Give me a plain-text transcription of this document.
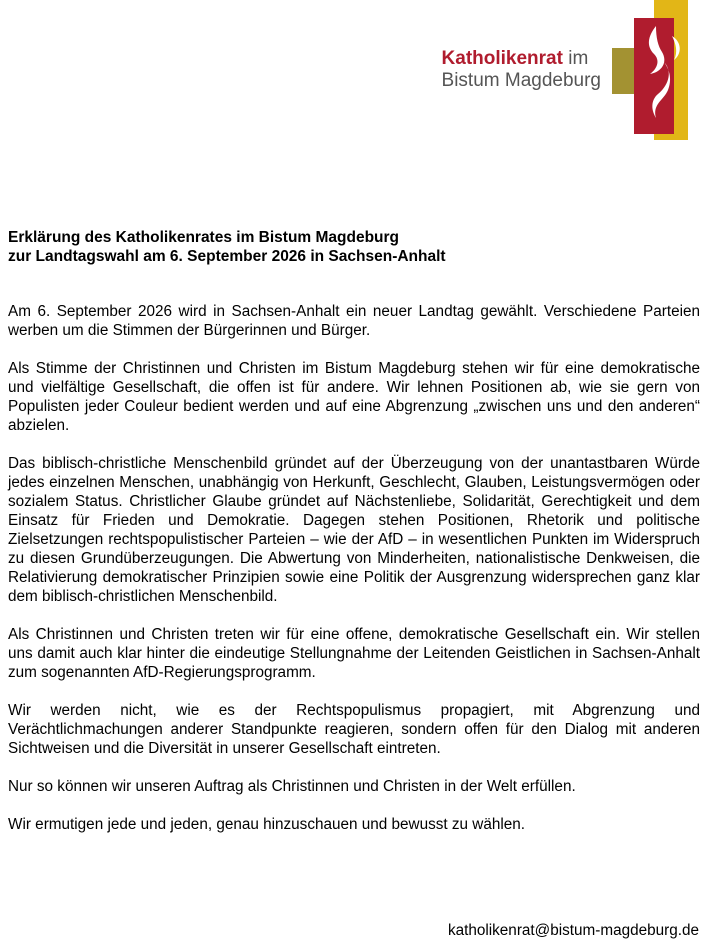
Katholikenrat im
Bistum Magdeburg
Erklärung des Katholikenrates im Bistum Magdeburg
zur Landtagswahl am 6. September 2026 in Sachsen-Anhalt

Am 6. September 2026 wird in Sachsen-Anhalt ein neuer Landtag gewählt. Verschiedene Parteien werben um die Stimmen der Bürgerinnen und Bürger.

Als Stimme der Christinnen und Christen im Bistum Magdeburg stehen wir für eine demokratische und vielfältige Gesellschaft, die offen ist für andere. Wir lehnen Positionen ab, wie sie gern von Populisten jeder Couleur bedient werden und auf eine Abgrenzung „zwischen uns und den anderen“ abzielen.

Das biblisch-christliche Menschenbild gründet auf der Überzeugung von der unantastbaren Würde jedes einzelnen Menschen, unabhängig von Herkunft, Geschlecht, Glauben, Leistungsvermögen oder sozialem Status. Christlicher Glaube gründet auf Nächstenliebe, Solidarität, Gerechtigkeit und dem Einsatz für Frieden und Demokratie. Dagegen stehen Positionen, Rhetorik und politische Zielsetzungen rechtspopulistischer Parteien – wie der AfD – in wesentlichen Punkten im Widerspruch zu diesen Grundüberzeugungen. Die Abwertung von Minderheiten, nationalistische Denkweisen, die Relativierung demokratischer Prinzipien sowie eine Politik der Ausgrenzung widersprechen ganz klar dem biblisch-christlichen Menschenbild.

Als Christinnen und Christen treten wir für eine offene, demokratische Gesellschaft ein. Wir stellen uns damit auch klar hinter die eindeutige Stellungnahme der Leitenden Geistlichen in Sachsen-Anhalt zum sogenannten AfD-Regierungsprogramm.

Wir werden nicht, wie es der Rechtspopulismus propagiert, mit Abgrenzung und Verächtlichmachungen anderer Standpunkte reagieren, sondern offen für den Dialog mit anderen Sichtweisen und die Diversität in unserer Gesellschaft eintreten.

Nur so können wir unseren Auftrag als Christinnen und Christen in der Welt erfüllen.

Wir ermutigen jede und jeden, genau hinzuschauen und bewusst zu wählen.

katholikenrat@bistum-magdeburg.de
